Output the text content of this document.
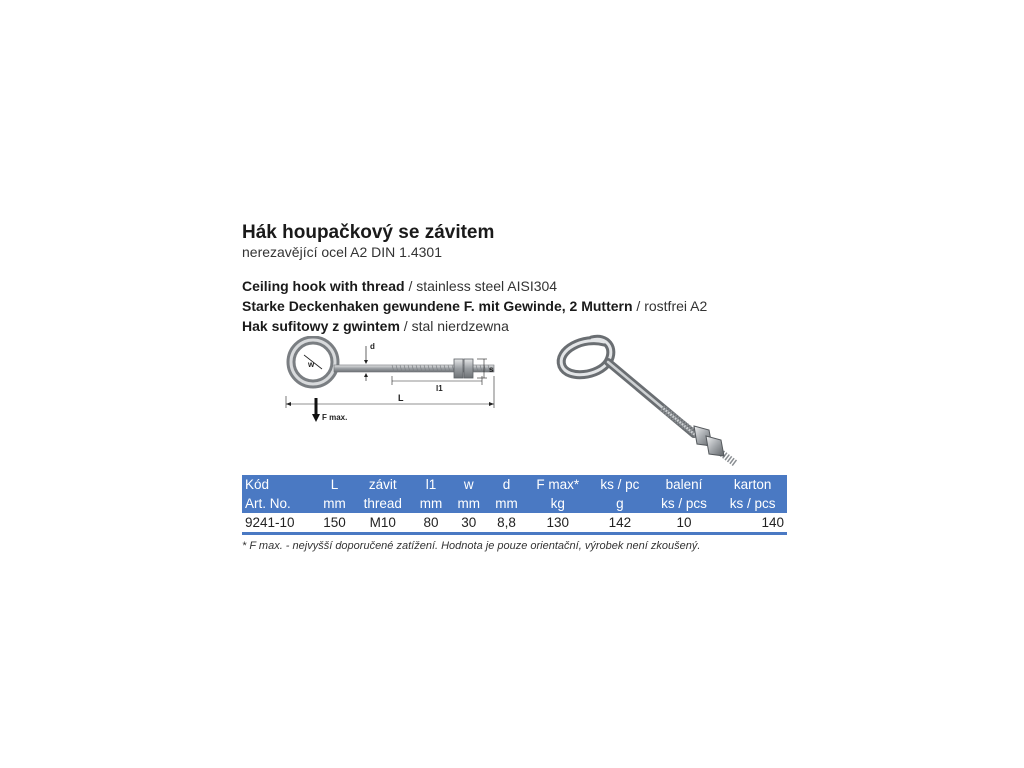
Hák houpačkový se závitem

nerezavějící ocel A2 DIN 1.4301

Ceiling hook with thread / stainless steel AISI304
Starke Deckenhaken gewundene F. mit Gewinde, 2 Muttern / rostfrei A2
Hak sufitowy z gwintem / stal nierdzewna
w
d
s
l1
L
F max.
Kód	L	závit	l1	w	d	F max*	ks / pc	balení	karton
Art. No.	mm	thread	mm	mm	mm	kg	g	ks / pcs	ks / pcs
9241-10	150	M10	80	30	8,8	130	142	10	140
* F max. - nejvyšší doporučené zatížení. Hodnota je pouze orientační, výrobek není zkoušený.
